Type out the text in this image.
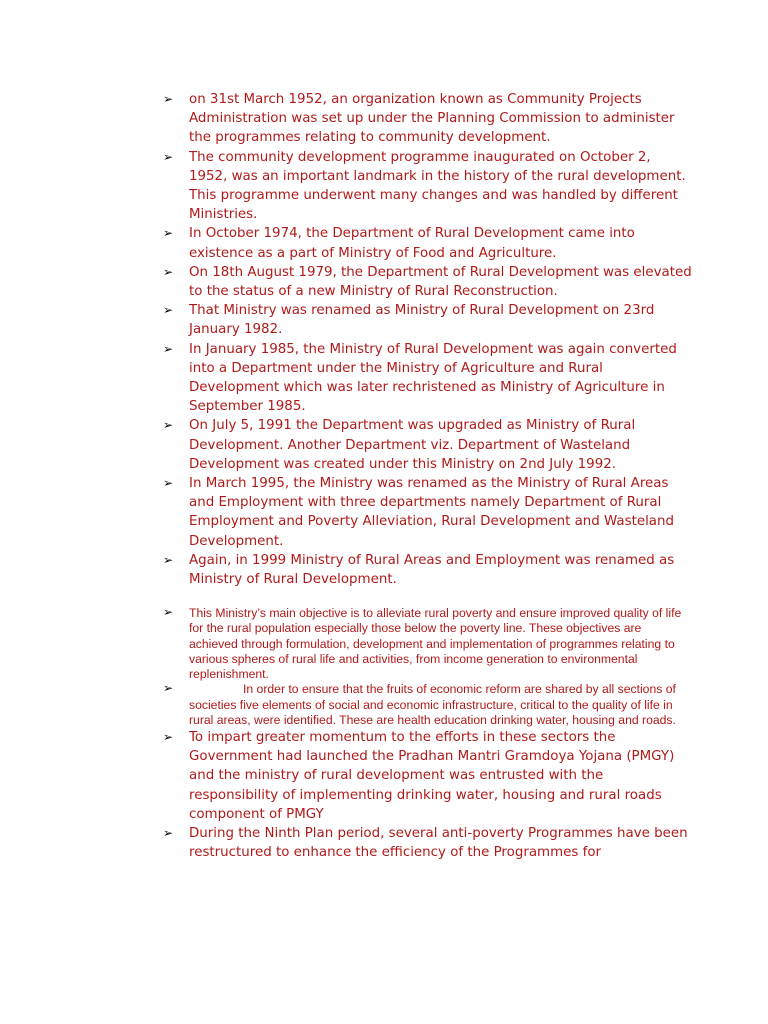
➢ on 31st March 1952, an organization known as Community Projects Administration was set up under the Planning Commission to administer the programmes relating to community development.
➢ The community development programme inaugurated on October 2, 1952, was an important landmark in the history of the rural development. This programme underwent many changes and was handled by different Ministries.
➢ In October 1974, the Department of Rural Development came into existence as a part of Ministry of Food and Agriculture.
➢ On 18th August 1979, the Department of Rural Development was elevated to the status of a new Ministry of Rural Reconstruction.
➢ That Ministry was renamed as Ministry of Rural Development on 23rd January 1982.
➢ In January 1985, the Ministry of Rural Development was again converted into a Department under the Ministry of Agriculture and Rural Development which was later rechristened as Ministry of Agriculture in September 1985.
➢ On July 5, 1991 the Department was upgraded as Ministry of Rural Development. Another Department viz. Department of Wasteland Development was created under this Ministry on 2nd July 1992.
➢ In March 1995, the Ministry was renamed as the Ministry of Rural Areas and Employment with three departments namely Department of Rural Employment and Poverty Alleviation, Rural Development and Wasteland Development.
➢ Again, in 1999 Ministry of Rural Areas and Employment was renamed as Ministry of Rural Development.
➢ This Ministry’s main objective is to alleviate rural poverty and ensure improved quality of life for the rural population especially those below the poverty line. These objectives are achieved through formulation, development and implementation of programmes relating to various spheres of rural life and activities, from income generation to environmental replenishment.
➢	In order to ensure that the fruits of economic reform are shared by all sections of societies five elements of social and economic infrastructure, critical to the quality of life in rural areas, were identified. These are health education drinking water, housing and roads.
➢ To impart greater momentum to the efforts in these sectors the Government had launched the Pradhan Mantri Gramdoya Yojana (PMGY) and the ministry of rural development was entrusted with the responsibility of implementing drinking water, housing and rural roads component of PMGY
➢ During the Ninth Plan period, several anti-poverty Programmes have been restructured to enhance the efficiency of the Programmes for
